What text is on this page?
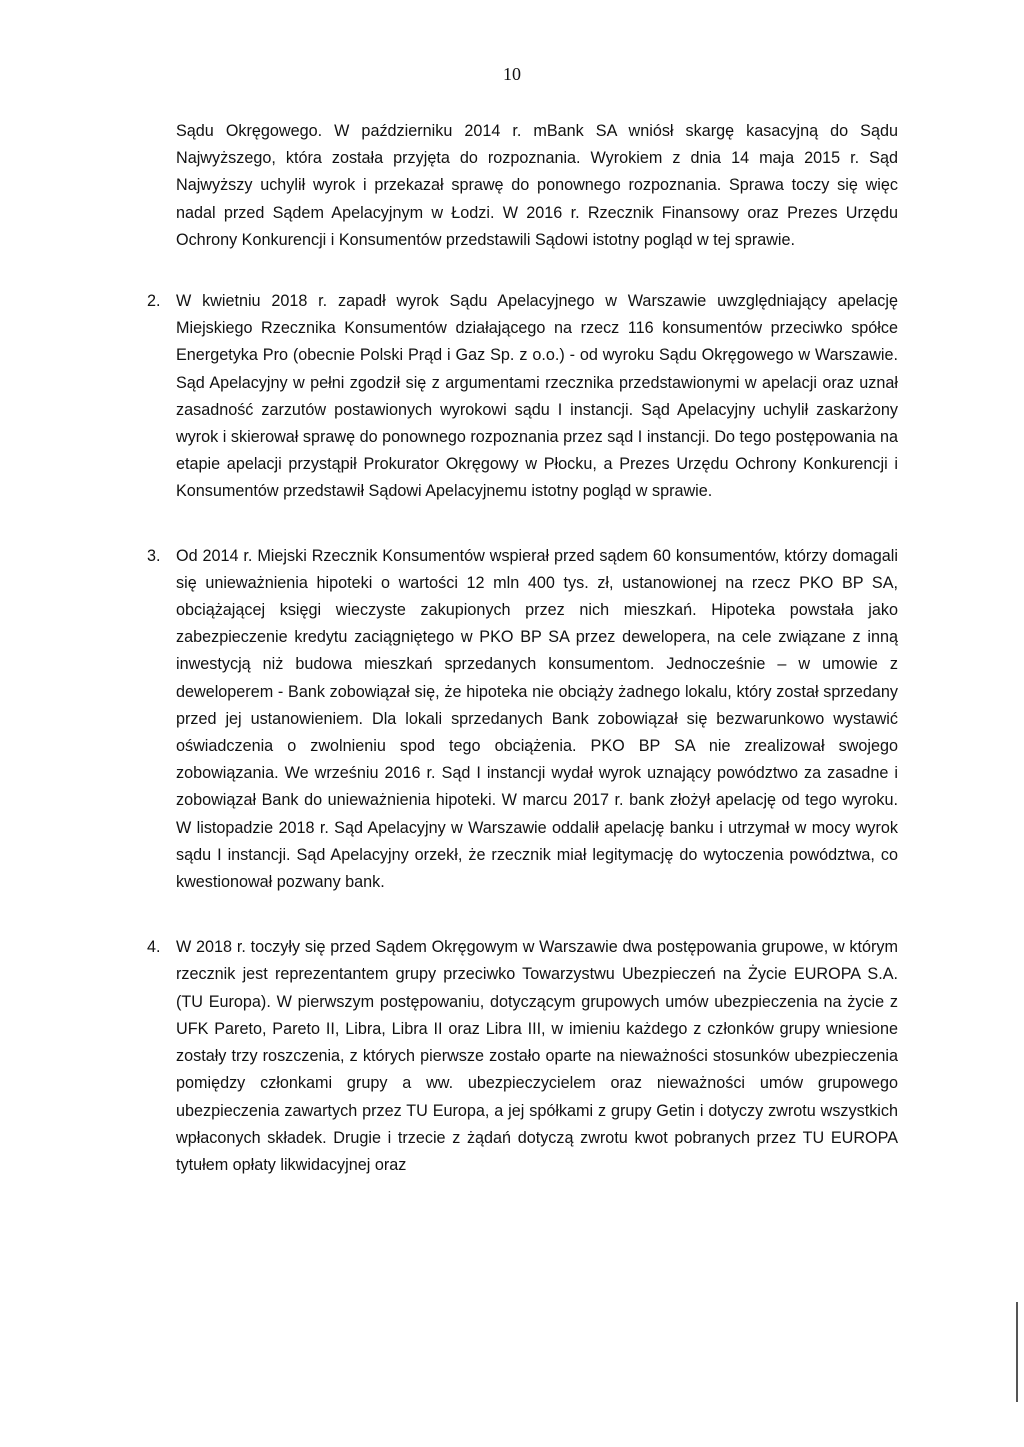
10

Sądu Okręgowego. W październiku 2014 r. mBank SA wniósł skargę kasacyjną do Sądu Najwyższego, która została przyjęta do rozpoznania. Wyrokiem z dnia 14 maja 2015 r. Sąd Najwyższy uchylił wyrok i przekazał sprawę do ponownego rozpoznania. Sprawa toczy się więc nadal przed Sądem Apelacyjnym w Łodzi. W 2016 r. Rzecznik Finansowy oraz Prezes Urzędu Ochrony Konkurencji i Konsumentów przedstawili Sądowi istotny pogląd w tej sprawie.

2. W kwietniu 2018 r. zapadł wyrok Sądu Apelacyjnego w Warszawie uwzględniający apelację Miejskiego Rzecznika Konsumentów działającego na rzecz 116 konsumentów przeciwko spółce Energetyka Pro (obecnie Polski Prąd i Gaz Sp. z o.o.) - od wyroku Sądu Okręgowego w Warszawie. Sąd Apelacyjny w pełni zgodził się z argumentami rzecznika przedstawionymi w apelacji oraz uznał zasadność zarzutów postawionych wyrokowi sądu I instancji. Sąd Apelacyjny uchylił zaskarżony wyrok i skierował sprawę do ponownego rozpoznania przez sąd I instancji. Do tego postępowania na etapie apelacji przystąpił Prokurator Okręgowy w Płocku, a Prezes Urzędu Ochrony Konkurencji i Konsumentów przedstawił Sądowi Apelacyjnemu istotny pogląd w sprawie.

3. Od 2014 r. Miejski Rzecznik Konsumentów wspierał przed sądem 60 konsumentów, którzy domagali się unieważnienia hipoteki o wartości 12 mln 400 tys. zł, ustanowionej na rzecz PKO BP SA, obciążającej księgi wieczyste zakupionych przez nich mieszkań. Hipoteka powstała jako zabezpieczenie kredytu zaciągniętego w PKO BP SA przez dewelopera, na cele związane z inną inwestycją niż budowa mieszkań sprzedanych konsumentom. Jednocześnie – w umowie z deweloperem - Bank zobowiązał się, że hipoteka nie obciąży żadnego lokalu, który został sprzedany przed jej ustanowieniem. Dla lokali sprzedanych Bank zobowiązał się bezwarunkowo wystawić oświadczenia o zwolnieniu spod tego obciążenia. PKO BP SA nie zrealizował swojego zobowiązania. We wrześniu 2016 r. Sąd I instancji wydał wyrok uznający powództwo za zasadne i zobowiązał Bank do unieważnienia hipoteki. W marcu 2017 r. bank złożył apelację od tego wyroku. W listopadzie 2018 r. Sąd Apelacyjny w Warszawie oddalił apelację banku i utrzymał w mocy wyrok sądu I instancji. Sąd Apelacyjny orzekł, że rzecznik miał legitymację do wytoczenia powództwa, co kwestionował pozwany bank.

4. W 2018 r. toczyły się przed Sądem Okręgowym w Warszawie dwa postępowania grupowe, w którym rzecznik jest reprezentantem grupy przeciwko Towarzystwu Ubezpieczeń na Życie EUROPA S.A. (TU Europa). W pierwszym postępowaniu, dotyczącym grupowych umów ubezpieczenia na życie z UFK Pareto, Pareto II, Libra, Libra II oraz Libra III, w imieniu każdego z członków grupy wniesione zostały trzy roszczenia, z których pierwsze zostało oparte na nieważności stosunków ubezpieczenia pomiędzy członkami grupy a ww. ubezpieczycielem oraz nieważności umów grupowego ubezpieczenia zawartych przez TU Europa, a jej spółkami z grupy Getin i dotyczy zwrotu wszystkich wpłaconych składek. Drugie i trzecie z żądań dotyczą zwrotu kwot pobranych przez TU EUROPA tytułem opłaty likwidacyjnej oraz
